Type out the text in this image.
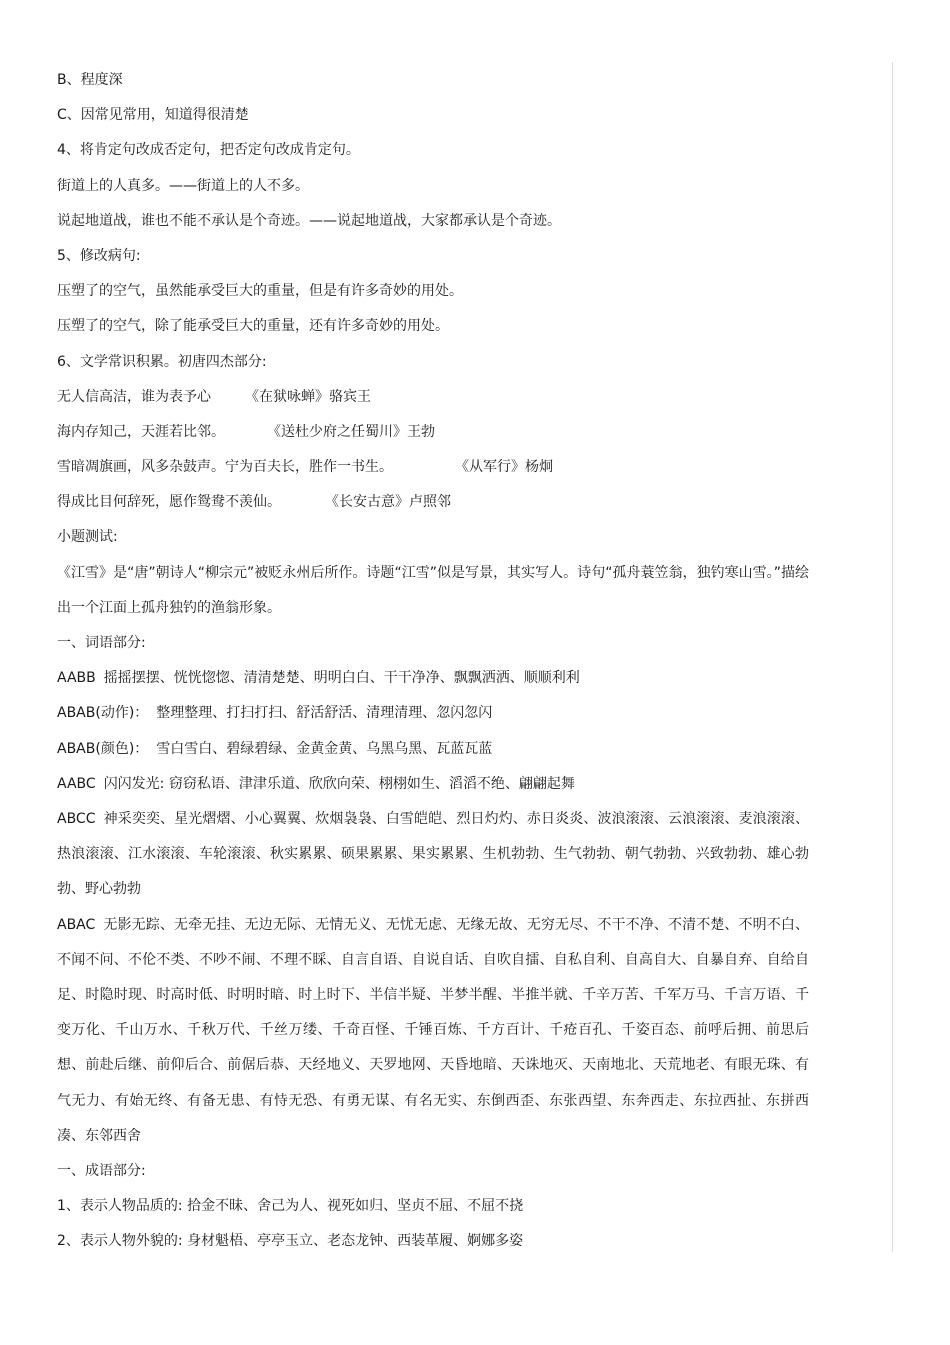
B、程度深
C、因常见常用，知道得很清楚
4、将肯定句改成否定句，把否定句改成肯定句。
街道上的人真多。——街道上的人不多。
说起地道战，谁也不能不承认是个奇迹。——说起地道战，大家都承认是个奇迹。
5、修改病句:
压塑了的空气，虽然能承受巨大的重量，但是有许多奇妙的用处。
压塑了的空气，除了能承受巨大的重量，还有许多奇妙的用处。
6、文学常识积累。初唐四杰部分:
无人信高洁，谁为表予心 《在狱咏蝉》骆宾王
海内存知己，天涯若比邻。	《送杜少府之任蜀川》王勃
雪暗凋旗画，风多杂鼓声。宁为百夫长，胜作一书生。	《从军行》杨炯
得成比目何辞死，愿作鸳鸯不羡仙。	《长安古意》卢照邻
小题测试:
《江雪》是“唐”朝诗人“柳宗元”被贬永州后所作。诗题“江雪”似是写景，其实写人。诗句“孤舟蓑笠翁，独钓寒山雪。”描绘出一个江面上孤舟独钓的渔翁形象。
一、词语部分:
AABB 摇摇摆摆、恍恍惚惚、清清楚楚、明明白白、干干净净、飘飘洒洒、顺顺利利
ABAB(动作)： 整理整理、打扫打扫、舒活舒活、清理清理、忽闪忽闪
ABAB(颜色)： 雪白雪白、碧绿碧绿、金黄金黄、乌黑乌黑、瓦蓝瓦蓝
AABC 闪闪发光: 窃窃私语、津津乐道、欣欣向荣、栩栩如生、滔滔不绝、翩翩起舞
ABCC 神采奕奕、星光熠熠、小心翼翼、炊烟袅袅、白雪皑皑、烈日灼灼、赤日炎炎、波浪滚滚、云浪滚滚、麦浪滚滚、热浪滚滚、江水滚滚、车轮滚滚、秋实累累、硕果累累、果实累累、生机勃勃、生气勃勃、朝气勃勃、兴致勃勃、雄心勃勃、野心勃勃
ABAC 无影无踪、无牵无挂、无边无际、无情无义、无忧无虑、无缘无故、无穷无尽、不干不净、不清不楚、不明不白、不闻不问、不伦不类、不吵不闹、不理不睬、自言自语、自说自话、自吹自擂、自私自利、自高自大、自暴自弃、自给自足、时隐时现、时高时低、时明时暗、时上时下、半信半疑、半梦半醒、半推半就、千辛万苦、千军万马、千言万语、千变万化、千山万水、千秋万代、千丝万缕、千奇百怪、千锤百炼、千方百计、千疮百孔、千姿百态、前呼后拥、前思后想、前赴后继、前仰后合、前倨后恭、天经地义、天罗地网、天昏地暗、天诛地灭、天南地北、天荒地老、有眼无珠、有气无力、有始无终、有备无患、有恃无恐、有勇无谋、有名无实、东倒西歪、东张西望、东奔西走、东拉西扯、东拼西凑、东邻西舍
一、成语部分:
1、表示人物品质的: 拾金不昧、舍己为人、视死如归、坚贞不屈、不屈不挠
2、表示人物外貌的: 身材魁梧、亭亭玉立、老态龙钟、西装革履、婀娜多姿
